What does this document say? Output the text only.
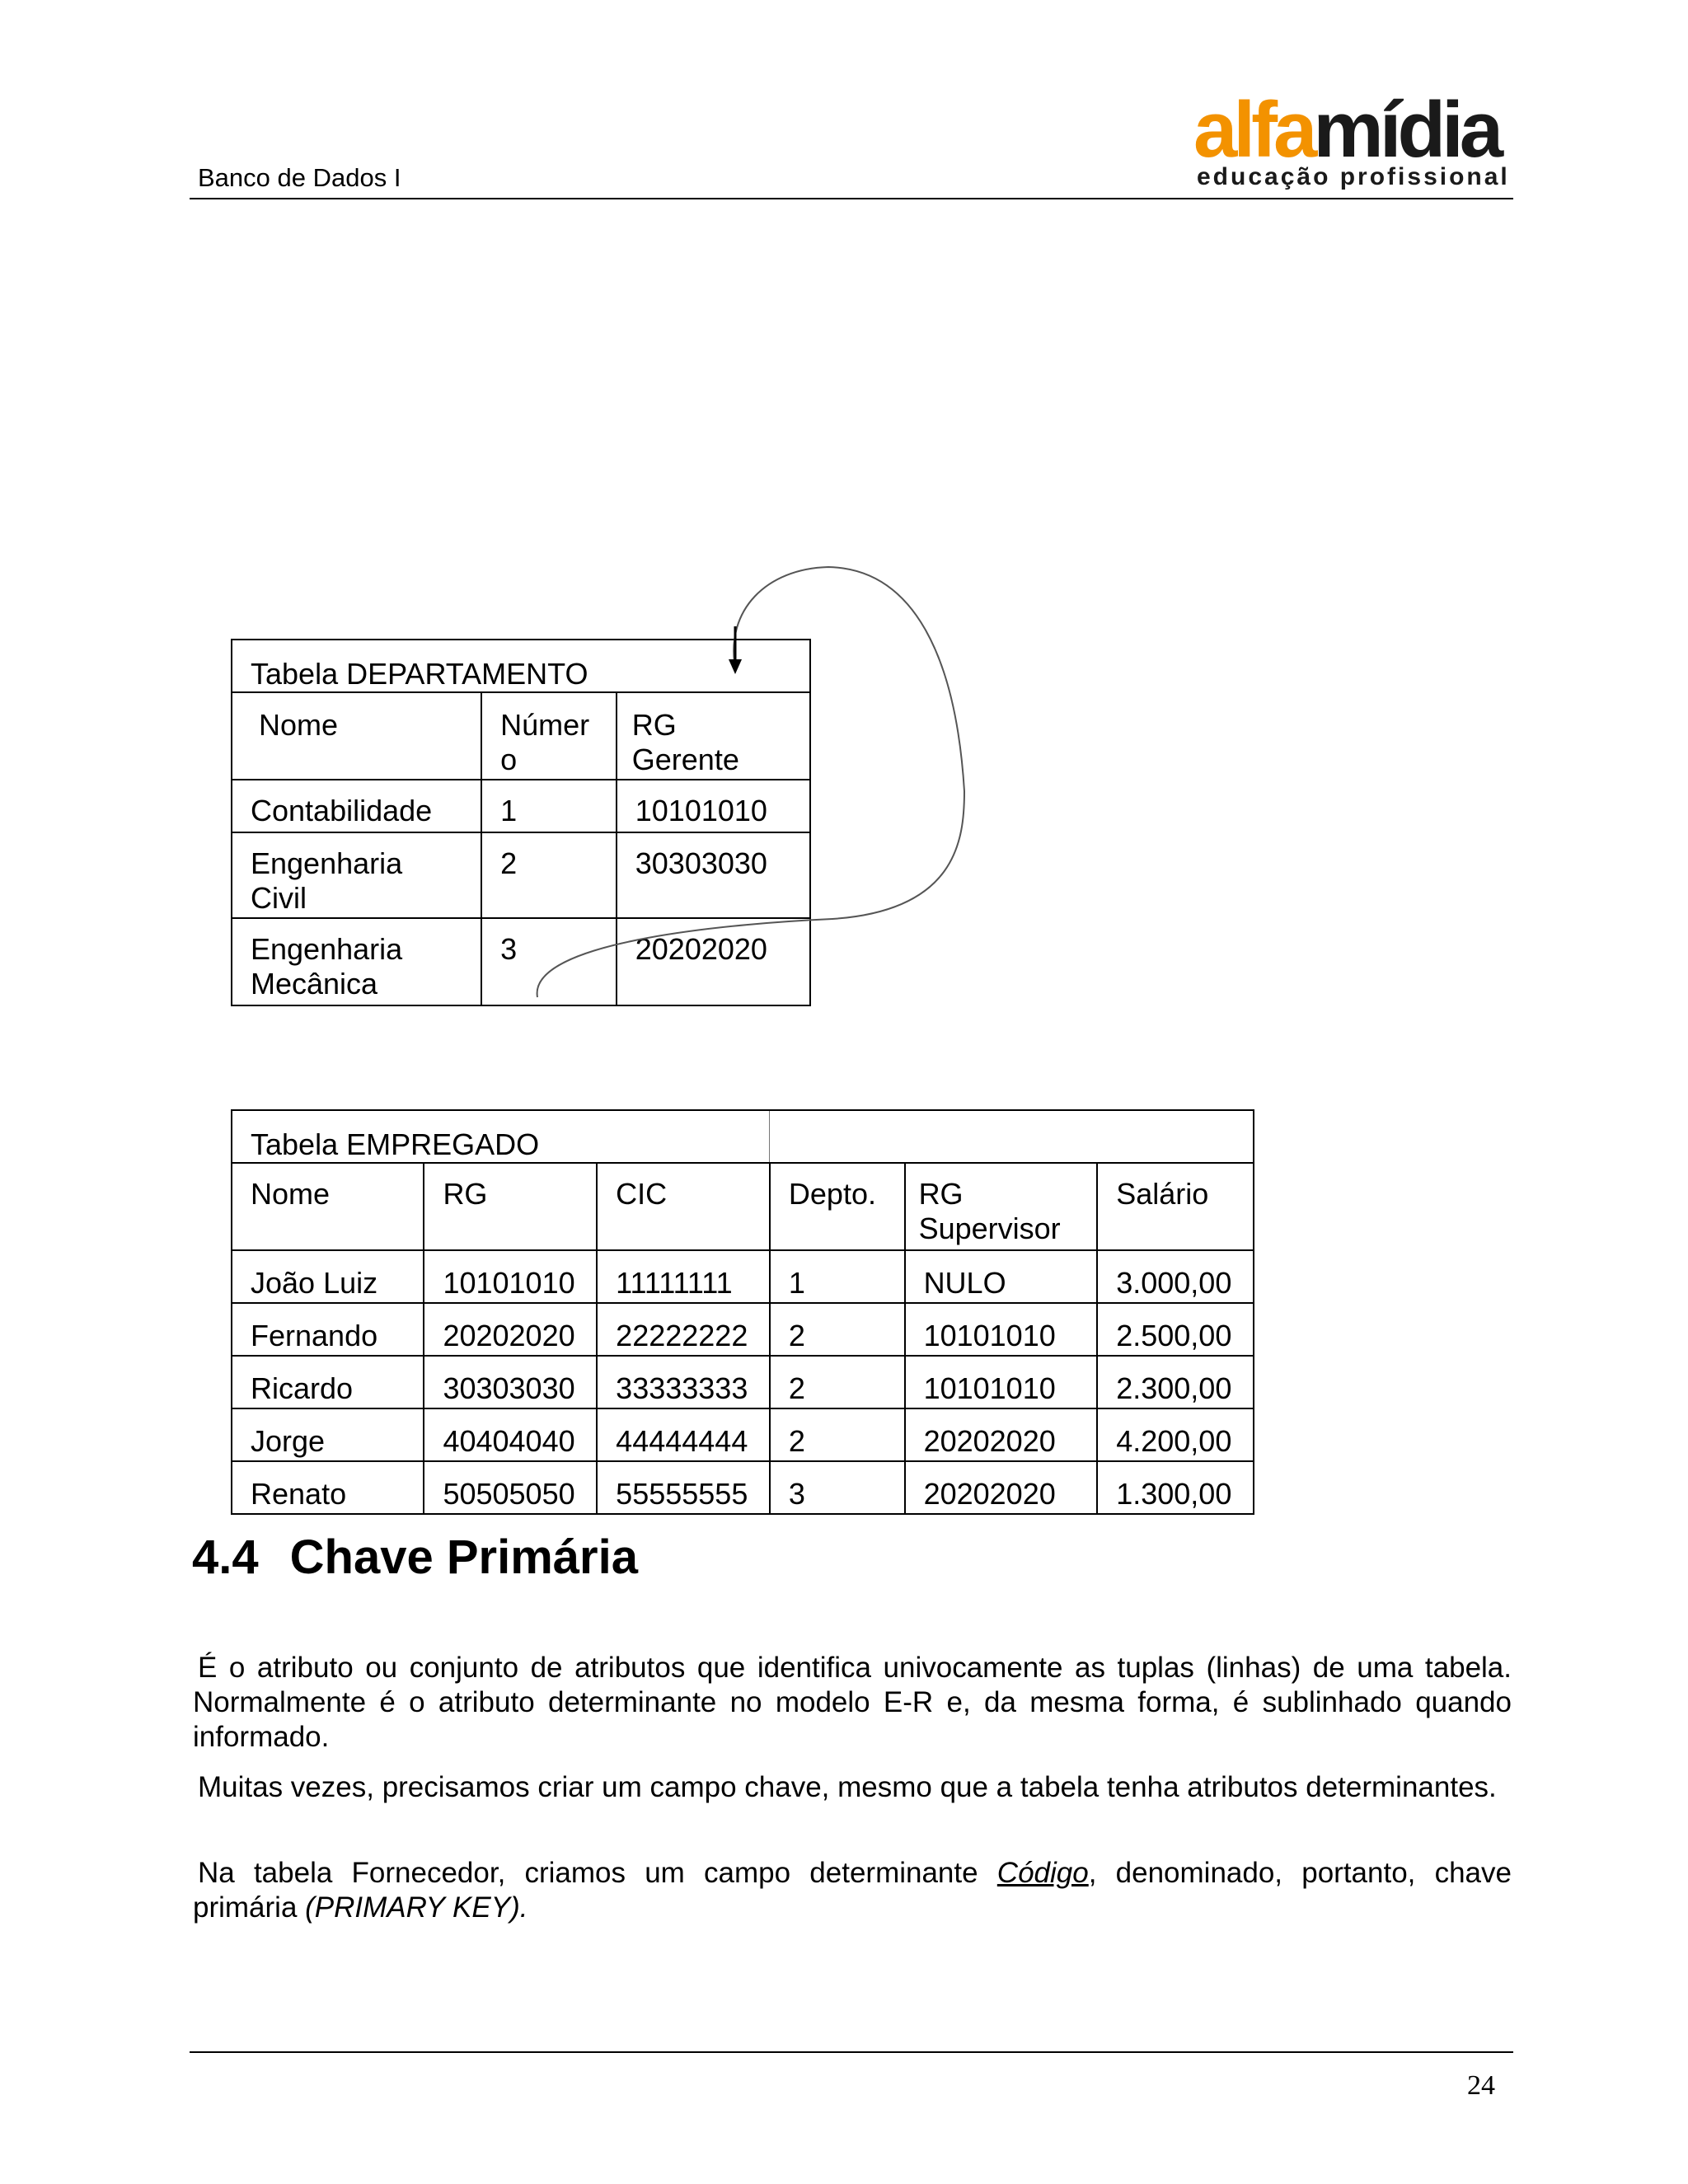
Banco de Dados I
alfamídia
educação profissional
Tabela DEPARTAMENTO		

Nome	Número	RG Gerente

Contabilidade	1	10101010

Engenharia Civil	2	30303030

Engenharia Mecânica	3	20202020
Tabela EMPREGADO					

Nome	RG	CIC	Depto.	RG Supervisor	Salário

João Luiz	10101010	11111111	1	NULO	3.000,00

Fernando	20202020	22222222	2	10101010	2.500,00

Ricardo	30303030	33333333	2	10101010	2.300,00

Jorge	40404040	44444444	2	20202020	4.200,00

Renato	50505050	55555555	3	20202020	1.300,00
4.4 Chave Primária
É o atributo ou conjunto de atributos que identifica univocamente as tuplas (linhas) de uma tabela. Normalmente é o atributo determinante no modelo E-R e, da mesma forma, é sublinhado quando informado.
Muitas vezes, precisamos criar um campo chave, mesmo que a tabela tenha atributos determinantes.
Na tabela Fornecedor, criamos um campo determinante Código, denominado, portanto, chave primária (PRIMARY KEY).
24
